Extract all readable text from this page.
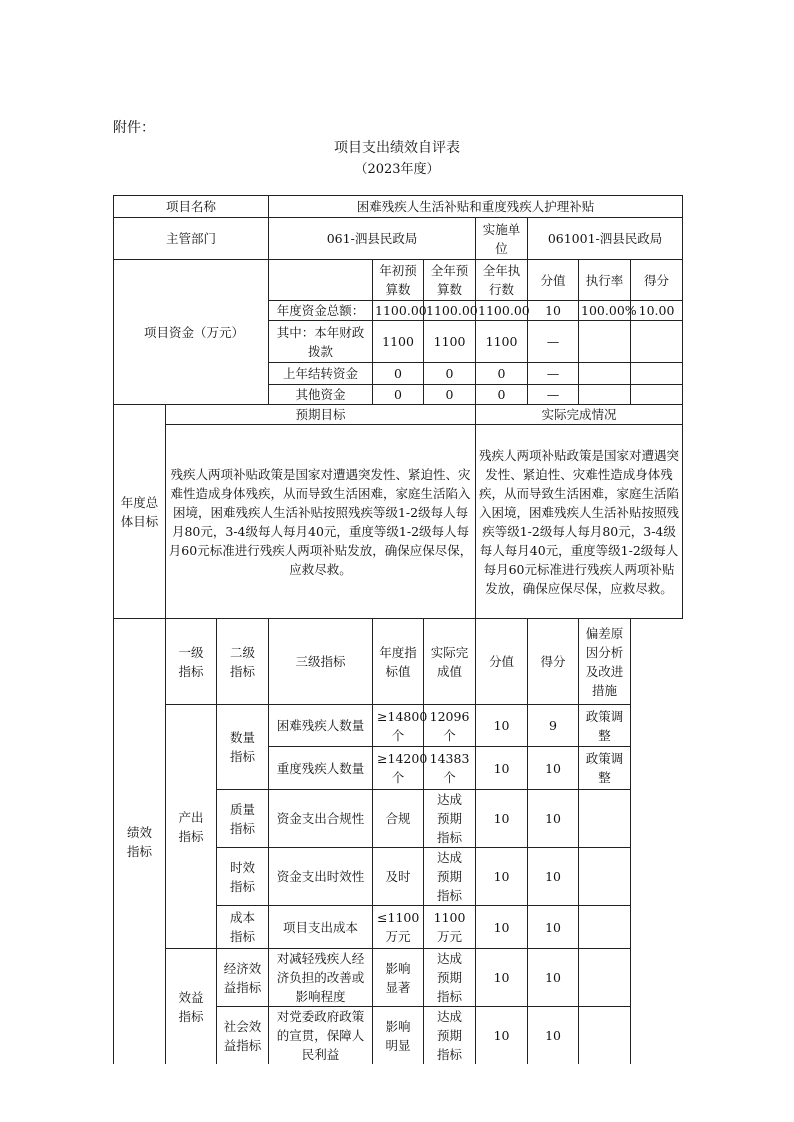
附件：
项目支出绩效自评表
（2023年度）
项目名称			困难残疾人生活补贴和重度残疾人护理补贴						
主管部门			061-泗县民政局			实施单位	061001-泗县民政局		
项目资金（万元）				年初预算数	全年预算数	全年执行数	分值	执行率	得分
			年度资金总额：	1100.00	1100.00	1100.00	10	100.00%	10.00
			其中：本年财政拨款	1100	1100	1100	—		
			上年结转资金	0	0	0	—		
			其他资金	0	0	0	—		
年度总体目标	预期目标					实际完成情况			
	残疾人两项补贴政策是国家对遭遇突发性、紧迫性、灾难性造成身体残疾，从而导致生活困难，家庭生活陷入困境，困难残疾人生活补贴按照残疾等级1-2级每人每月80元，3-4级每人每月40元，重度等级1-2级每人每月60元标准进行残疾人两项补贴发放，确保应保尽保，应救尽救。					残疾人两项补贴政策是国家对遭遇突发性、紧迫性、灾难性造成身体残疾，从而导致生活困难，家庭生活陷入困境，困难残疾人生活补贴按照残疾等级1-2级每人每月80元，3-4级每人每月40元，重度等级1-2级每人每月60元标准进行残疾人两项补贴发放，确保应保尽保，应救尽救。			
绩效指标	一级指标	二级指标	三级指标	年度指标值	实际完成值	分值	得分	偏差原因分析及改进措施	
	产出指标	数量指标	困难残疾人数量	≥14800个	12096个	10	9	政策调整	
			重度残疾人数量	≥14200个	14383个	10	10	政策调整	
		质量指标	资金支出合规性	合规	达成预期指标	10	10		
		时效指标	资金支出时效性	及时	达成预期指标	10	10		
		成本指标	项目支出成本	≤1100万元	1100万元	10	10		
	效益指标	经济效益指标	对减轻残疾人经济负担的改善或影响程度	影响显著	达成预期指标	10	10		
		社会效益指标	对党委政府政策的宣贯，保障人民利益	影响明显	达成预期指标	10	10		
